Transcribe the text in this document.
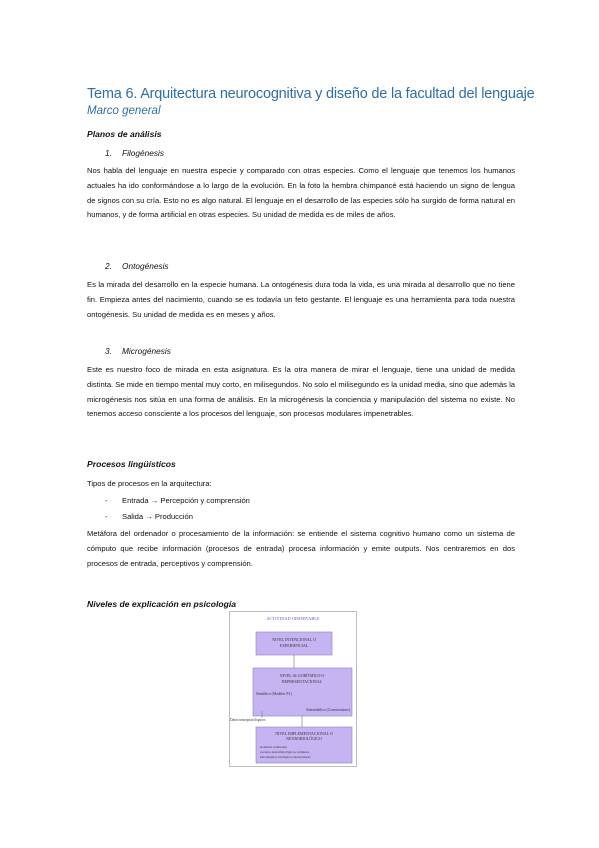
Tema 6. Arquitectura neurocognitiva y diseño de la facultad del lenguaje
Marco general
Planos de análisis
1. Filogénesis

Nos habla del lenguaje en nuestra especie y comparado con otras especies. Como el lenguaje que tenemos los humanos actuales ha ido conformándose a lo largo de la evolución. En la foto la hembra chimpancé está haciendo un signo de lengua de signos con su cría. Esto no es algo natural. El lenguaje en el desarrollo de las especies sólo ha surgido de forma natural en humanos, y de forma artificial en otras especies. Su unidad de medida es de miles de años.

2. Ontogénesis

Es la mirada del desarrollo en la especie humana. La ontogénesis dura toda la vida, es una mirada al desarrollo que no tiene fin. Empieza antes del nacimiento, cuando se es todavía un feto gestante. El lenguaje es una herramienta para toda nuestra ontogénesis. Su unidad de medida es en meses y años.

3. Microgénesis

Este es nuestro foco de mirada en esta asignatura. Es la otra manera de mirar el lenguaje, tiene una unidad de medida distinta. Se mide en tiempo mental muy corto, en milisegundos. No solo el milisegundo es la unidad media, sino que además la microgénesis nos sitúa en una forma de análisis. En la microgénesis la conciencia y manipulación del sistema no existe. No tenemos acceso consciente a los procesos del lenguaje, son procesos modulares impenetrables.

Procesos lingüísticos
Tipos de procesos en la arquitectura:
- Entrada → Percepción y comprensión
- Salida → Producción

Metáfora del ordenador o procesamiento de la información: se entiende el sistema cognitivo humano como un sistema de cómputo que recibe información (procesos de entrada) procesa información y emite outputs. Nos centraremos en dos procesos de entrada, perceptivos y comprensión.

Niveles de explicación en psicología
ACTIVIDAD OBSERVABLE
NIVEL INTENCIONAL O
EXPERIENCIAL
NIVEL ALGORÍTMICO O
REPRESENTACIONAL
Simbólico (Modelos P.I.)
Subsimbólico (Conexionismo)
Datos neuropsicológicos
NIVEL IMPLEMENTACIONAL O
NEUROBIOLÓGICO
sistemas cerebrales
eventos neurofisiológicos celulares
mecanismos biológicos moleculares
